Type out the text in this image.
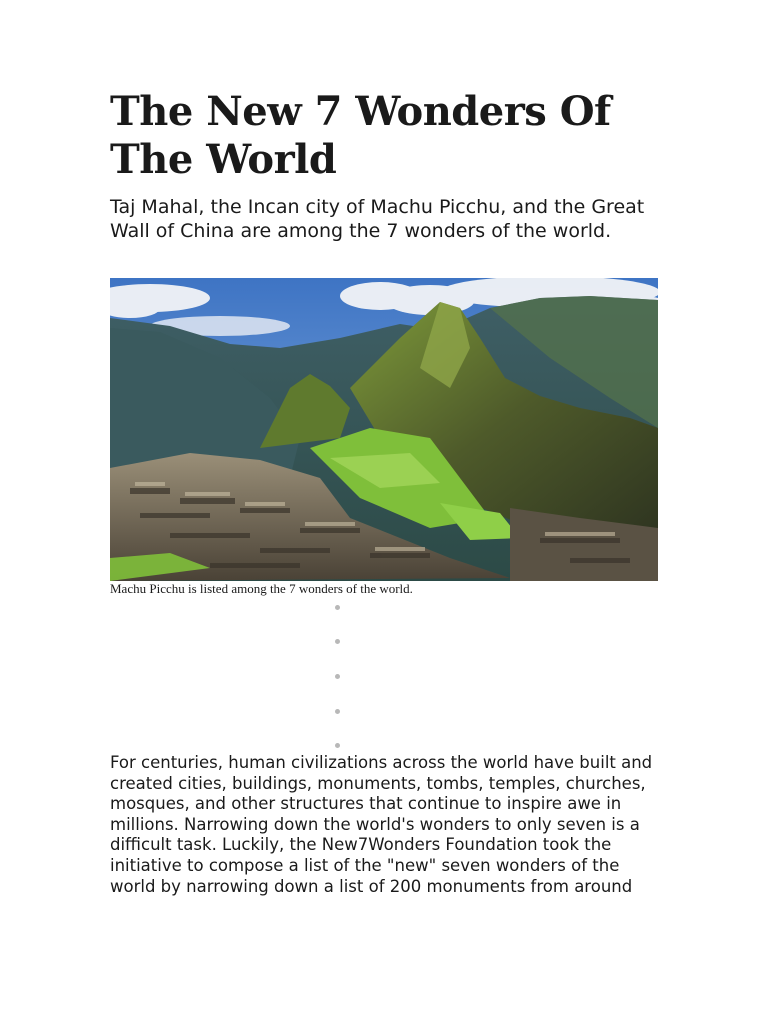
The New 7 Wonders Of The World

Taj Mahal, the Incan city of Machu Picchu, and the Great Wall of China are among the 7 wonders of the world.

Machu Picchu is listed among the 7 wonders of the world.

For centuries, human civilizations across the world have built and created cities, buildings, monuments, tombs, temples, churches, mosques, and other structures that continue to inspire awe in millions. Narrowing down the world's wonders to only seven is a difficult task. Luckily, the New7Wonders Foundation took the initiative to compose a list of the "new" seven wonders of the world by narrowing down a list of 200 monuments from around
